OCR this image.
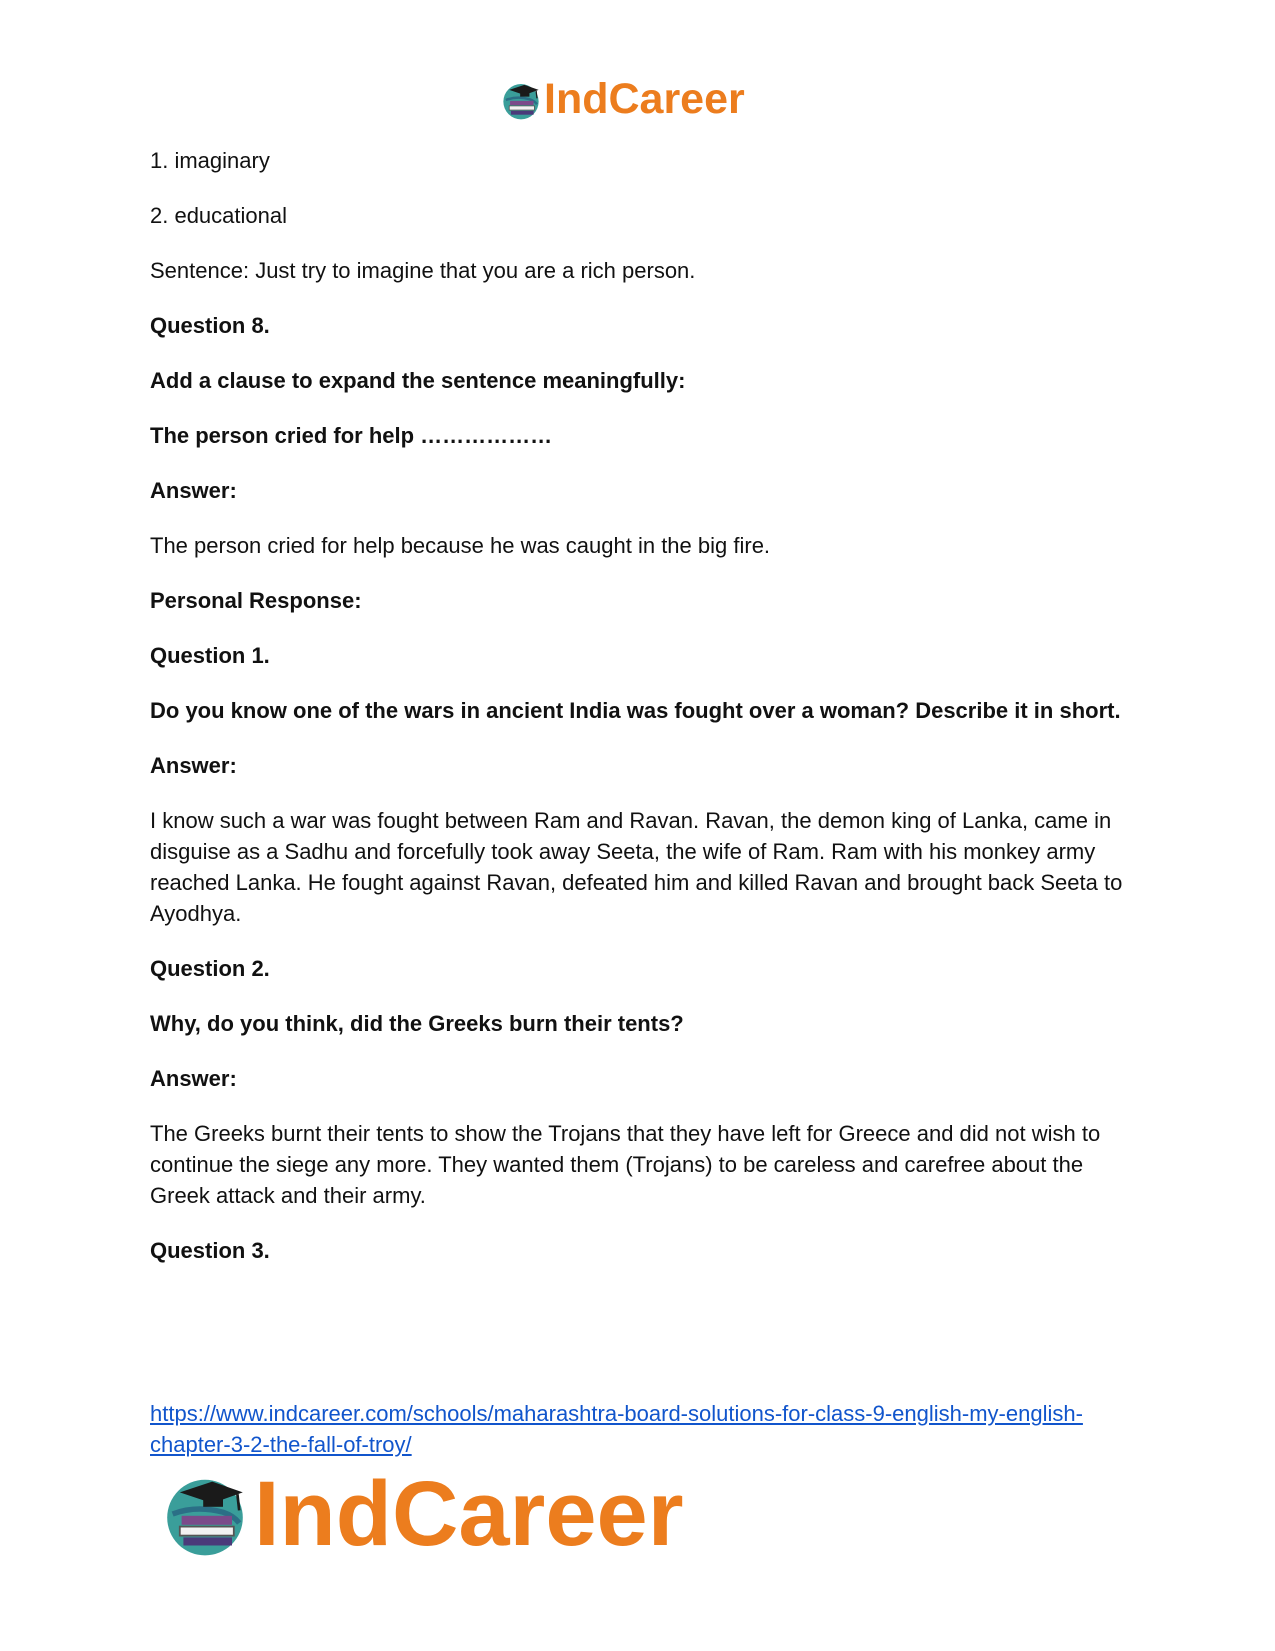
IndCareer

1. imaginary

2. educational

Sentence: Just try to imagine that you are a rich person.

Question 8.

Add a clause to expand the sentence meaningfully:

The person cried for help ………………

Answer:

The person cried for help because he was caught in the big fire.

Personal Response:

Question 1.

Do you know one of the wars in ancient India was fought over a woman? Describe it in short.

Answer:

I know such a war was fought between Ram and Ravan. Ravan, the demon king of Lanka, came in disguise as a Sadhu and forcefully took away Seeta, the wife of Ram. Ram with his monkey army reached Lanka. He fought against Ravan, defeated him and killed Ravan and brought back Seeta to Ayodhya.

Question 2.

Why, do you think, did the Greeks burn their tents?

Answer:

The Greeks burnt their tents to show the Trojans that they have left for Greece and did not wish to continue the siege any more. They wanted them (Trojans) to be careless and carefree about the Greek attack and their army.

Question 3.

https://www.indcareer.com/schools/maharashtra-board-solutions-for-class-9-english-my-english-chapter-3-2-the-fall-of-troy/
IndCareer
